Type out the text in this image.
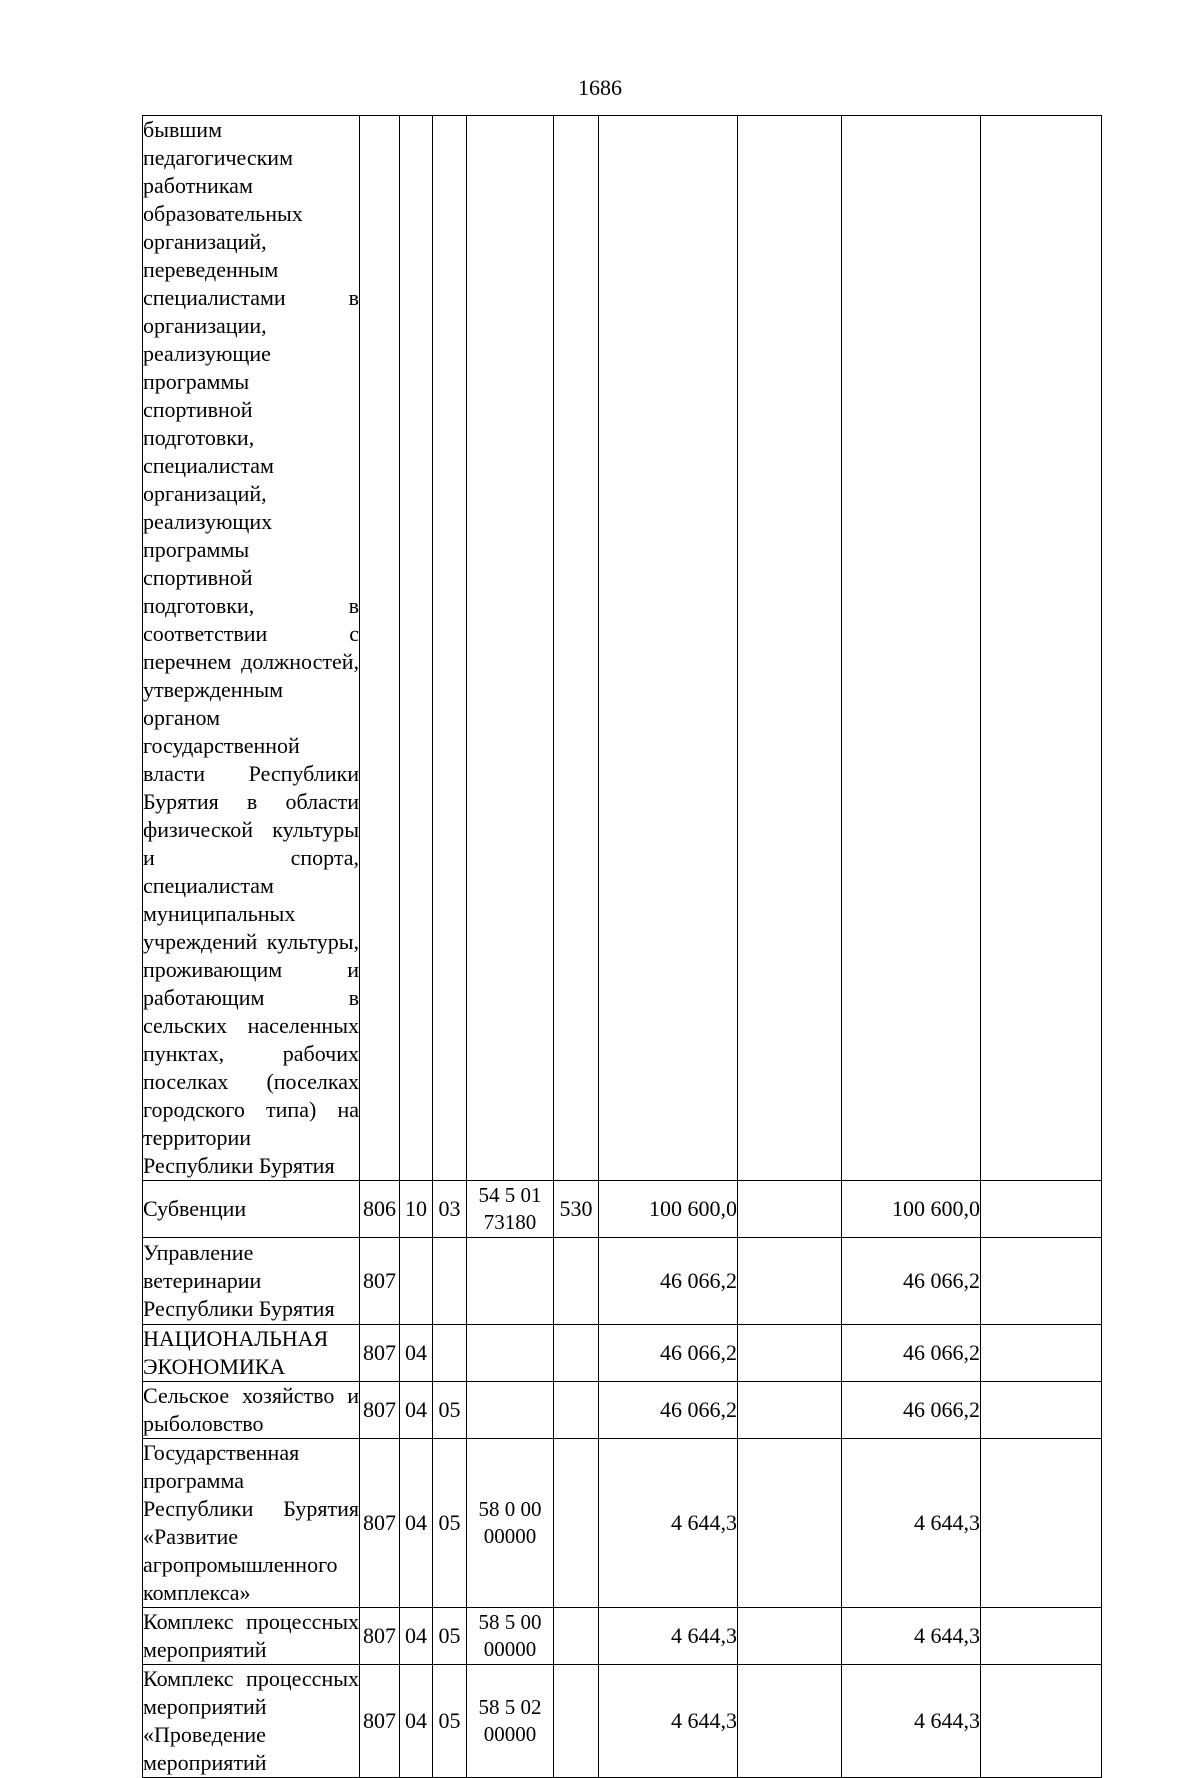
1686
бывшим педагогическим работникам образовательных организаций, переведенным специалистами в организации, реализующие программы спортивной подготовки, специалистам организаций, реализующих программы спортивной подготовки, в соответствии с перечнем должностей, утвержденным органом государственной власти Республики Бурятия в области физической культуры и спорта, специалистам муниципальных учреждений культуры, проживающим и работающим в сельских населенных пунктах, рабочих поселках (поселках городского типа) на территории Республики Бурятия									
Субвенции	806	10	03	54 5 01 73180	530	100 600,0		100 600,0	
Управление ветеринарии Республики Бурятия	807					46 066,2		46 066,2	
НАЦИОНАЛЬНАЯ ЭКОНОМИКА	807	04				46 066,2		46 066,2	
Сельское хозяйство и рыболовство	807	04	05			46 066,2		46 066,2	
Государственная программа Республики Бурятия «Развитие агропромышленного комплекса»	807	04	05	58 0 00 00000		4 644,3		4 644,3	
Комплекс процессных мероприятий	807	04	05	58 5 00 00000		4 644,3		4 644,3	
Комплекс процессных мероприятий «Проведение мероприятий	807	04	05	58 5 02 00000		4 644,3		4 644,3	
